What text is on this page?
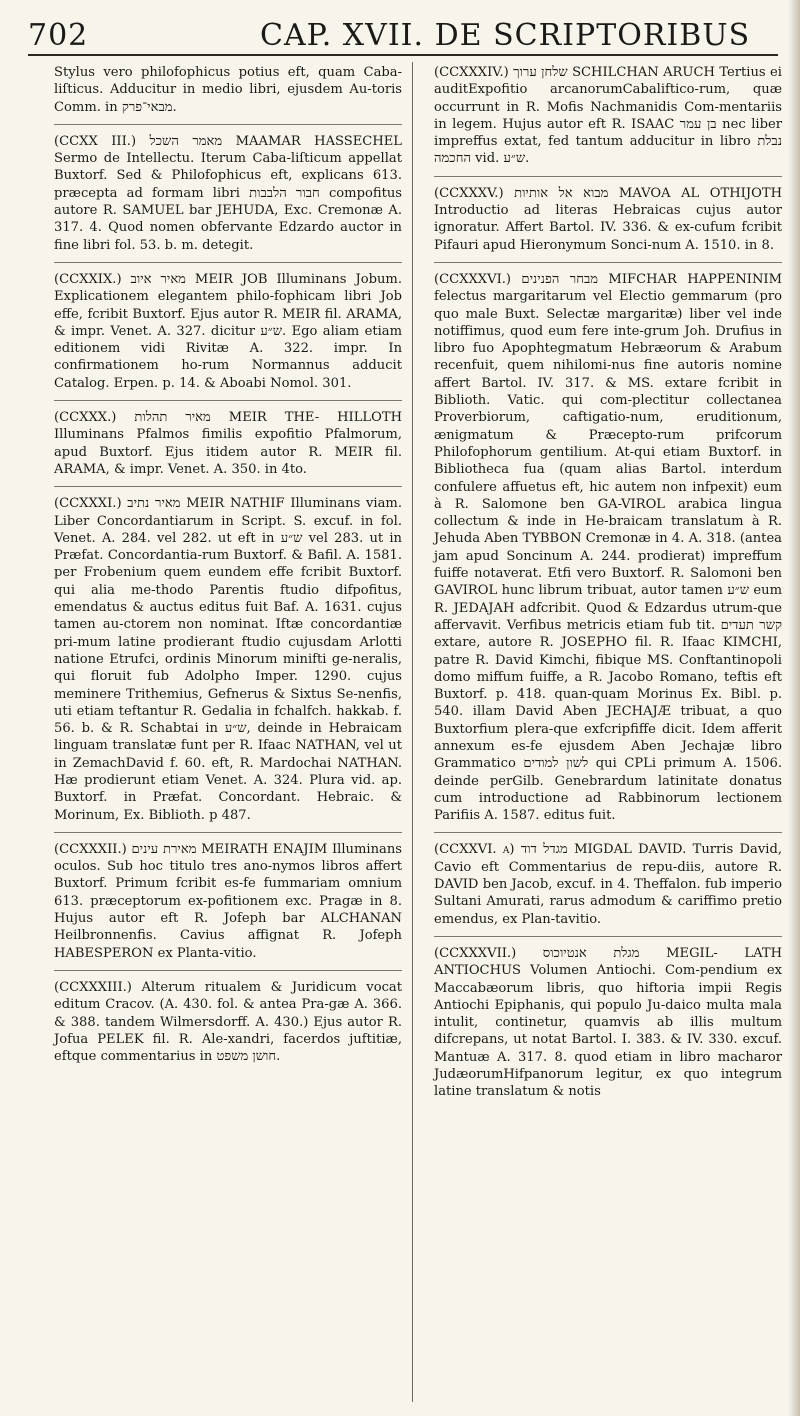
702	CAP. XVII. DE SCRIPTORIBUS
Stylus vero philofophicus potius eft, quam Caba-liſticus. Adducitur in medio libri, ejusdem Au-toris Comm. in מבאי־פרק.
(CCXX III.) מאמר השכל MAAMAR HASSECHEL Sermo de Intellectu. Iterum Caba-liſticum appellat Buxtorf. Sed & Philofophicus eft, explicans 613. præcepta ad formam libri חבור הלבבות compofitus autore R. SAMUEL bar JEHUDA, Exc. Cremonæ A. 317. 4. Quod nomen obfervante Edzardo auctor in fine libri fol. 53. b. m. detegit.
(CCXXIX.) מאיר איוב MEIR JOB Illuminans Jobum. Explicationem elegantem philo-fophicam libri Job effe, fcribit Buxtorf. Ejus autor R. MEIR fil. ARAMA, & impr. Venet. A. 327. dicitur ש״ע. Ego aliam etiam editionem vidi Rivitæ A. 322. impr. In confirmationem ho-rum Normannus adducit Catalog. Erpen. p. 14. & Aboabi Nomol. 301.
(CCXXX.) מאיר תהלות MEIR THE- HILLOTH Illuminans Pfalmos fimilis expofitio Pfalmorum, apud Buxtorf. Ejus itidem autor R. MEIR fil. ARAMA, & impr. Venet. A. 350. in 4to.
(CCXXXI.) מאיר נתיב MEIR NATHIF Illuminans viam. Liber Concordantiarum in Script. S. excuf. in fol. Venet. A. 284. vel 282. ut eft in ש״ע vel 283. ut in Præfat. Concordantia-rum Buxtorf. & Bafil. A. 1581. per Frobenium quem eundem effe fcribit Buxtorf. qui alia me-thodo Parentis ftudio difpofitus, emendatus & auctus editus fuit Baf. A. 1631. cujus tamen au-ctorem non nominat. Iftæ concordantiæ pri-mum latine prodierant ftudio cujusdam Arlotti natione Etrufci, ordinis Minorum minifti ge-neralis, qui floruit fub Adolpho Imper. 1290. cujus meminere Trithemius, Gefnerus & Sixtus Se-nenfis, uti etiam teftantur R. Gedalia in fchalfch. hakkab. f. 56. b. & R. Schabtai in ש״ע, deinde in Hebraicam linguam translatæ funt per R. Ifaac NATHAN, vel ut in ZemachDavid f. 60. eft, R. Mardochai NATHAN. Hæ prodierunt etiam Venet. A. 324. Plura vid. ap. Buxtorf. in Præfat. Concordant. Hebraic. & Morinum, Ex. Biblioth. p 487.
(CCXXXII.) מאירת עינים MEIRATH ENAJIM Illuminans oculos. Sub hoc titulo tres ano-nymos libros affert Buxtorf. Primum fcribit es-fe fummariam omnium 613. præceptorum ex-pofitionem exc. Pragæ in 8. Hujus autor eft R. Jofeph bar ALCHANAN Heilbronnenfis. Cavius affignat R. Jofeph HABESPERON ex Planta-vitio.
(CCXXXIII.) Alterum ritualem & Juridicum vocat editum Cracov. (A. 430. fol. & antea Pra-gæ A. 366. & 388. tandem Wilmersdorff. A. 430.) Ejus autor R. Jofua PELEK fil. R. Ale-xandri, facerdos juftitiæ, eftque commentarius in חושן משפט.
(CCXXXIV.) שלחן ערוך SCHILCHAN ARUCH Tertius ei auditExpofitio arcanorumCabaliftico-rum, quæ occurrunt in R. Mofis Nachmanidis Com-mentariis in legem. Hujus autor eft R. ISAAC בן עמר nec liber impreffus extat, fed tantum adducitur in libro נבלת החכמה vid. ש״ע.
(CCXXXV.) מבוא אל אותיות MAVOA AL OTHIJOTH Introductio ad literas Hebraicas cujus autor ignoratur. Affert Bartol. IV. 336. & ex-cufum fcribit Pifauri apud Hieronymum Sonci-num A. 1510. in 8.
(CCXXXVI.) מבחר הפנינים MIFCHAR HAPPENINIM felectus margaritarum vel Electio gemmarum (pro quo male Buxt. Selectæ margaritæ) liber vel inde notiffimus, quod eum fere inte-grum Joh. Drufius in libro fuo Apophtegmatum Hebræorum & Arabum recenfuit, quem nihilomi-nus fine autoris nomine affert Bartol. IV. 317. & MS. extare fcribit in Biblioth. Vatic. qui com-plectitur collectanea Proverbiorum, caftigatio-num, eruditionum, ænigmatum & Præcepto-rum prifcorum Philofophorum gentilium. At-qui etiam Buxtorf. in Bibliotheca fua (quam alias Bartol. interdum confulere affuetus eft, hic autem non infpexit) eum à R. Salomone ben GA-VIROL arabica lingua collectum & inde in He-braicam translatum à R. Jehuda Aben TYBBON Cremonæ in 4. A. 318. (antea jam apud Soncinum A. 244. prodierat) impreffum fuiffe notaverat. Etfi vero Buxtorf. R. Salomoni ben GAVIROL hunc librum tribuat, autor tamen ש״ע eum R. JEDAJAH adfcribit. Quod & Edzardus utrum-que affervavit. Verfibus metricis etiam fub tit. קשר תעדים extare, autore R. JOSEPHO fil. R. Ifaac KIMCHI, patre R. David Kimchi, fibique MS. Conftantinopoli domo miffum fuiffe, a R. Jacobo Romano, teftis eft Buxtorf. p. 418. quan-quam Morinus Ex. Bibl. p. 540. illam David Aben JECHAJÆ tribuat, a quo Buxtorfium plera-que exfcripfiffe dicit. Idem afferit annexum es-fe ejusdem Aben Jechajæ libro Grammatico לשון למודים qui CPLi primum A. 1506. deinde perGilb. Genebrardum latinitate donatus cum introductione ad Rabbinorum lectionem Parifiis A. 1587. editus fuit.
(CCXXVI. a) מגדל דוד MIGDAL DAVID. Turris David, Cavio eft Commentarius de repu-diis, autore R. DAVID ben Jacob, excuf. in 4. Theffalon. fub imperio Sultani Amurati, rarus admodum & cariffimo pretio emendus, ex Plan-tavitio.
(CCXXXVII.) מגלת אנטיוכוס MEGIL- LATH ANTIOCHUS Volumen Antiochi. Com-pendium ex Maccabæorum libris, quo hiftoria impii Regis Antiochi Epiphanis, qui populo Ju-daico multa mala intulit, continetur, quamvis ab illis multum difcrepans, ut notat Bartol. I. 383. & IV. 330. excuf. Mantuæ A. 317. 8. quod etiam in libro macharor JudæorumHifpanorum legitur, ex quo integrum latine translatum & notis
